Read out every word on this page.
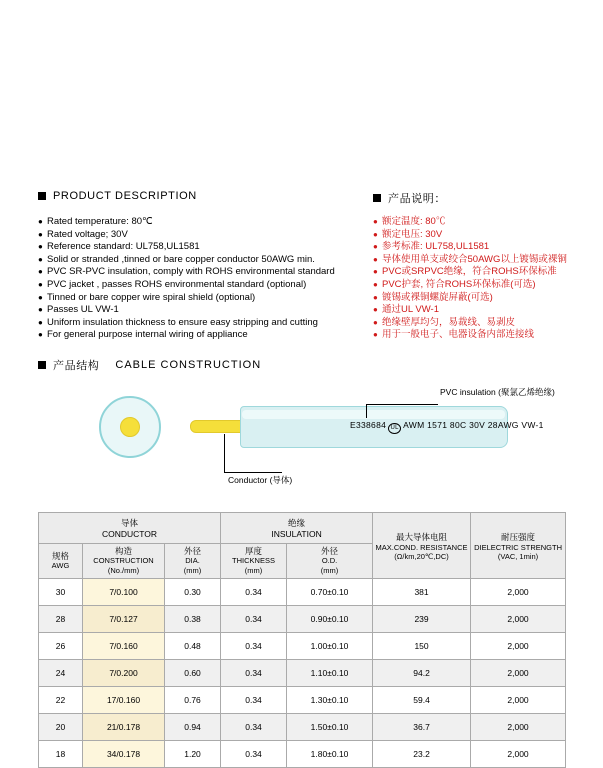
PRODUCT DESCRIPTION	产品说明：
● Rated temperature: 80℃
● Rated voltage; 30V
● Reference standard: UL758,UL1581
● Solid or stranded ,tinned or bare copper conductor 50AWG min.
● PVC SR-PVC insulation, comply with ROHS environmental standard
● PVC jacket , passes ROHS environmental standard (optional)
● Tinned or bare copper wire spiral shield (optional)
● Passes UL VW-1
● Uniform insulation thickness to ensure easy stripping and cutting
● For general purpose internal wiring of appliance
● 额定温度: 80℃
● 额定电压: 30V
● 参考标准: UL758,UL1581
● 导体使用单支或绞合50AWG以上镀锡或裸铜
● PVC或SRPVC绝缘，符合ROHS环保标准
● PVC护套, 符合ROHS环保标准(可选)
● 镀锡或裸铜螺旋屏蔽(可选)
● 通过UL VW-1
● 绝缘壁厚均匀，易裁线、易剥皮
● 用于一般电子、电器设备内部连接线
产品结构 CABLE CONSTRUCTION
E338684 UL AWM 1571 80C 30V 28AWG VW-1
PVC insulation (聚氯乙烯绝缘)
Conductor (导体)
导体
CONDUCTOR

绝缘
INSULATION	最大导体电阻
MAX.COND. RESISTANCE
(Ω/km,20℃,DC)

耐压强度
DIELECTRIC STRENGTH
(VAC, 1min)

规格
AWG

构造
CONSTRUCTION
(No./mm)

外径
DIA.
(mm)

厚度
THICKNESS
(mm)

外径
O.D.
(mm)

30	7/0.100	0.30	0.34	0.70±0.10	381	2,000
28	7/0.127	0.38	0.34	0.90±0.10	239	2,000
26	7/0.160	0.48	0.34	1.00±0.10	150	2,000
24	7/0.200	0.60	0.34	1.10±0.10	94.2	2,000
22	17/0.160	0.76	0.34	1.30±0.10	59.4	2,000
20	21/0.178	0.94	0.34	1.50±0.10	36.7	2,000
18	34/0.178	1.20	0.34	1.80±0.10	23.2	2,000
